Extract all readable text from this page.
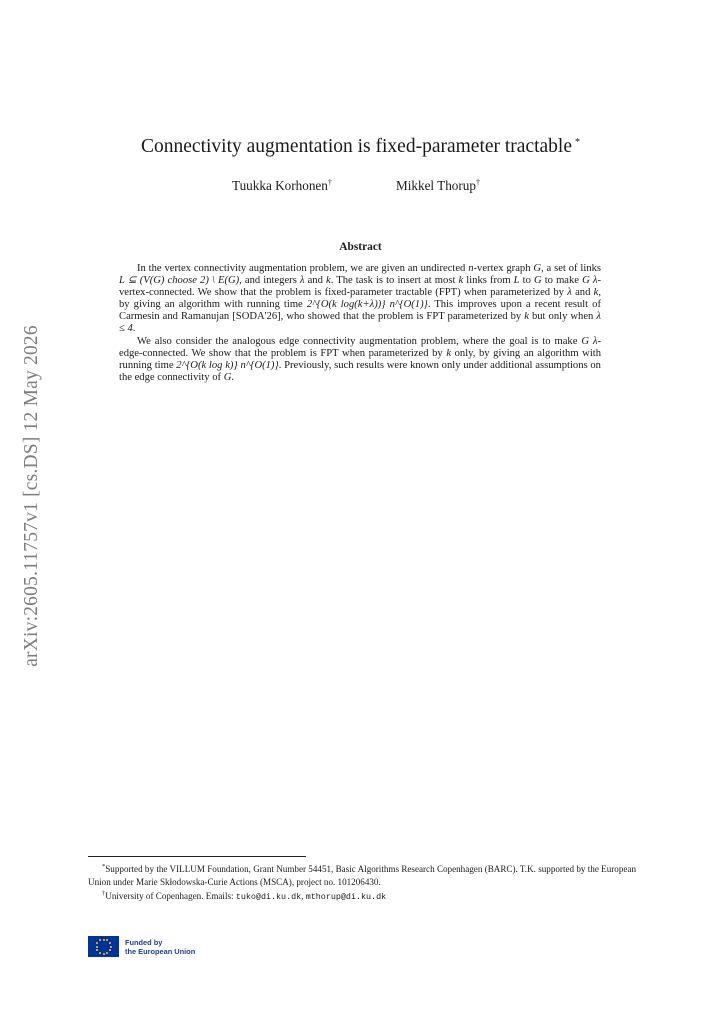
arXiv:2605.11757v1 [cs.DS] 12 May 2026
Connectivity augmentation is fixed-parameter tractable *
Tuukka Korhonen†	Mikkel Thorup†
Abstract

In the vertex connectivity augmentation problem, we are given an undirected n-vertex graph G, a set of links L ⊆ (V(G) choose 2) \ E(G), and integers λ and k. The task is to insert at most k links from L to G to make G λ-vertex-connected. We show that the problem is fixed-parameter tractable (FPT) when parameterized by λ and k, by giving an algorithm with running time 2^{O(k log(k+λ))} n^{O(1)}. This improves upon a recent result of Carmesin and Ramanujan [SODA'26], who showed that the problem is FPT parameterized by k but only when λ ≤ 4.

We also consider the analogous edge connectivity augmentation problem, where the goal is to make G λ-edge-connected. We show that the problem is FPT when parameterized by k only, by giving an algorithm with running time 2^{O(k log k)} n^{O(1)}. Previously, such results were known only under additional assumptions on the edge connectivity of G.

*Supported by the VILLUM Foundation, Grant Number 54451, Basic Algorithms Research Copenhagen (BARC). T.K. supported by the European Union under Marie Skłodowska-Curie Actions (MSCA), project no. 101206430.

†University of Copenhagen. Emails: tuko@di.ku.dk, mthorup@di.ku.dk

Funded by
the European Union
